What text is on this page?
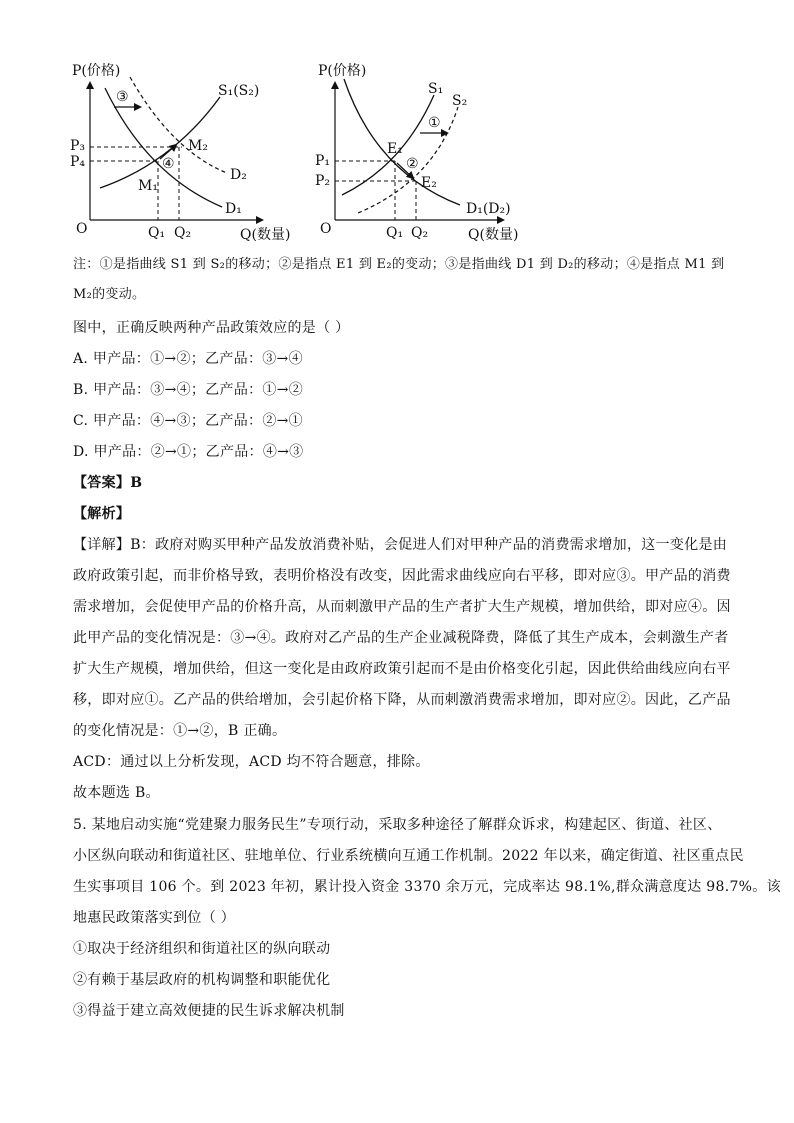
P(价格)
Q(数量)
O
③
④
P₃
P₄
Q₁ Q₂
M₁
M₂
S₁(S₂)
D₂
D₁
P(价格)
Q(数量)
O
①
②
P₁
P₂
Q₁ Q₂
E₁
E₂
S₁
S₂
D₁(D₂)
注：①是指曲线 S1 到 S₂的移动；②是指点 E1 到 E₂的变动；③是指曲线 D1 到 D₂的移动；④是指点 M1 到
M₂的变动。
图中，正确反映两种产品政策效应的是（ ）
A. 甲产品：①→②；乙产品：③→④
B. 甲产品：③→④；乙产品：①→②
C. 甲产品：④→③；乙产品：②→①
D. 甲产品：②→①；乙产品：④→③
【答案】B
【解析】
【详解】B：政府对购买甲种产品发放消费补贴，会促进人们对甲种产品的消费需求增加，这一变化是由
政府政策引起，而非价格导致，表明价格没有改变，因此需求曲线应向右平移，即对应③。甲产品的消费
需求增加，会促使甲产品的价格升高，从而刺激甲产品的生产者扩大生产规模，增加供给，即对应④。因
此甲产品的变化情况是：③→④。政府对乙产品的生产企业减税降费，降低了其生产成本，会刺激生产者
扩大生产规模，增加供给，但这一变化是由政府政策引起而不是由价格变化引起，因此供给曲线应向右平
移，即对应①。乙产品的供给增加，会引起价格下降，从而刺激消费需求增加，即对应②。因此，乙产品
的变化情况是：①→②，B 正确。
ACD：通过以上分析发现，ACD 均不符合题意，排除。
故本题选 B。
5. 某地启动实施“党建聚力服务民生”专项行动，采取多种途径了解群众诉求，构建起区、街道、社区、
小区纵向联动和街道社区、驻地单位、行业系统横向互通工作机制。2022 年以来，确定街道、社区重点民
生实事项目 106 个。到 2023 年初，累计投入资金 3370 余万元，完成率达 98.1%,群众满意度达 98.7%。该
地惠民政策落实到位（ ）
①取决于经济组织和街道社区的纵向联动
②有赖于基层政府的机构调整和职能优化
③得益于建立高效便捷的民生诉求解决机制
